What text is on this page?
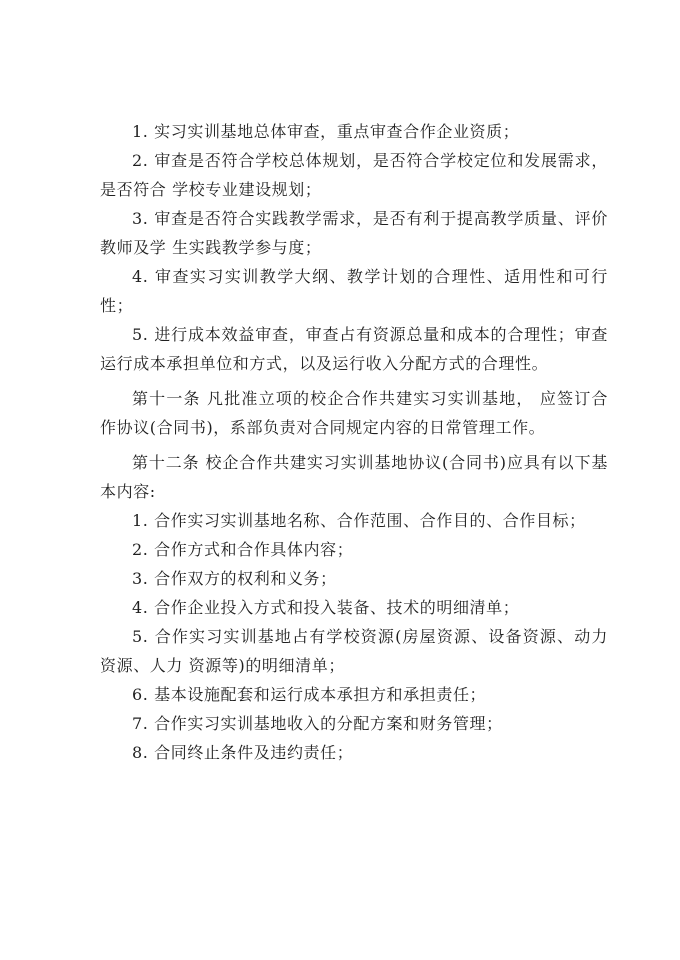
1. 实习实训基地总体审查，重点审查合作企业资质；
2. 审查是否符合学校总体规划，是否符合学校定位和发展需求，是否符合 学校专业建设规划；
3. 审查是否符合实践教学需求，是否有利于提高教学质量、评价教师及学 生实践教学参与度；
4. 审查实习实训教学大纲、教学计划的合理性、适用性和可行性；
5. 进行成本效益审查，审查占有资源总量和成本的合理性；审查运行成本承担单位和方式，以及运行收入分配方式的合理性。
第十一条 凡批准立项的校企合作共建实习实训基地， 应签订合作协议(合同书)，系部负责对合同规定内容的日常管理工作。
第十二条 校企合作共建实习实训基地协议(合同书)应具有以下基本内容:
1. 合作实习实训基地名称、合作范围、合作目的、合作目标；
2. 合作方式和合作具体内容；
3. 合作双方的权利和义务；
4. 合作企业投入方式和投入装备、技术的明细清单；
5. 合作实习实训基地占有学校资源(房屋资源、设备资源、动力资源、人力 资源等)的明细清单；
6. 基本设施配套和运行成本承担方和承担责任；
7. 合作实习实训基地收入的分配方案和财务管理；
8. 合同终止条件及违约责任；
